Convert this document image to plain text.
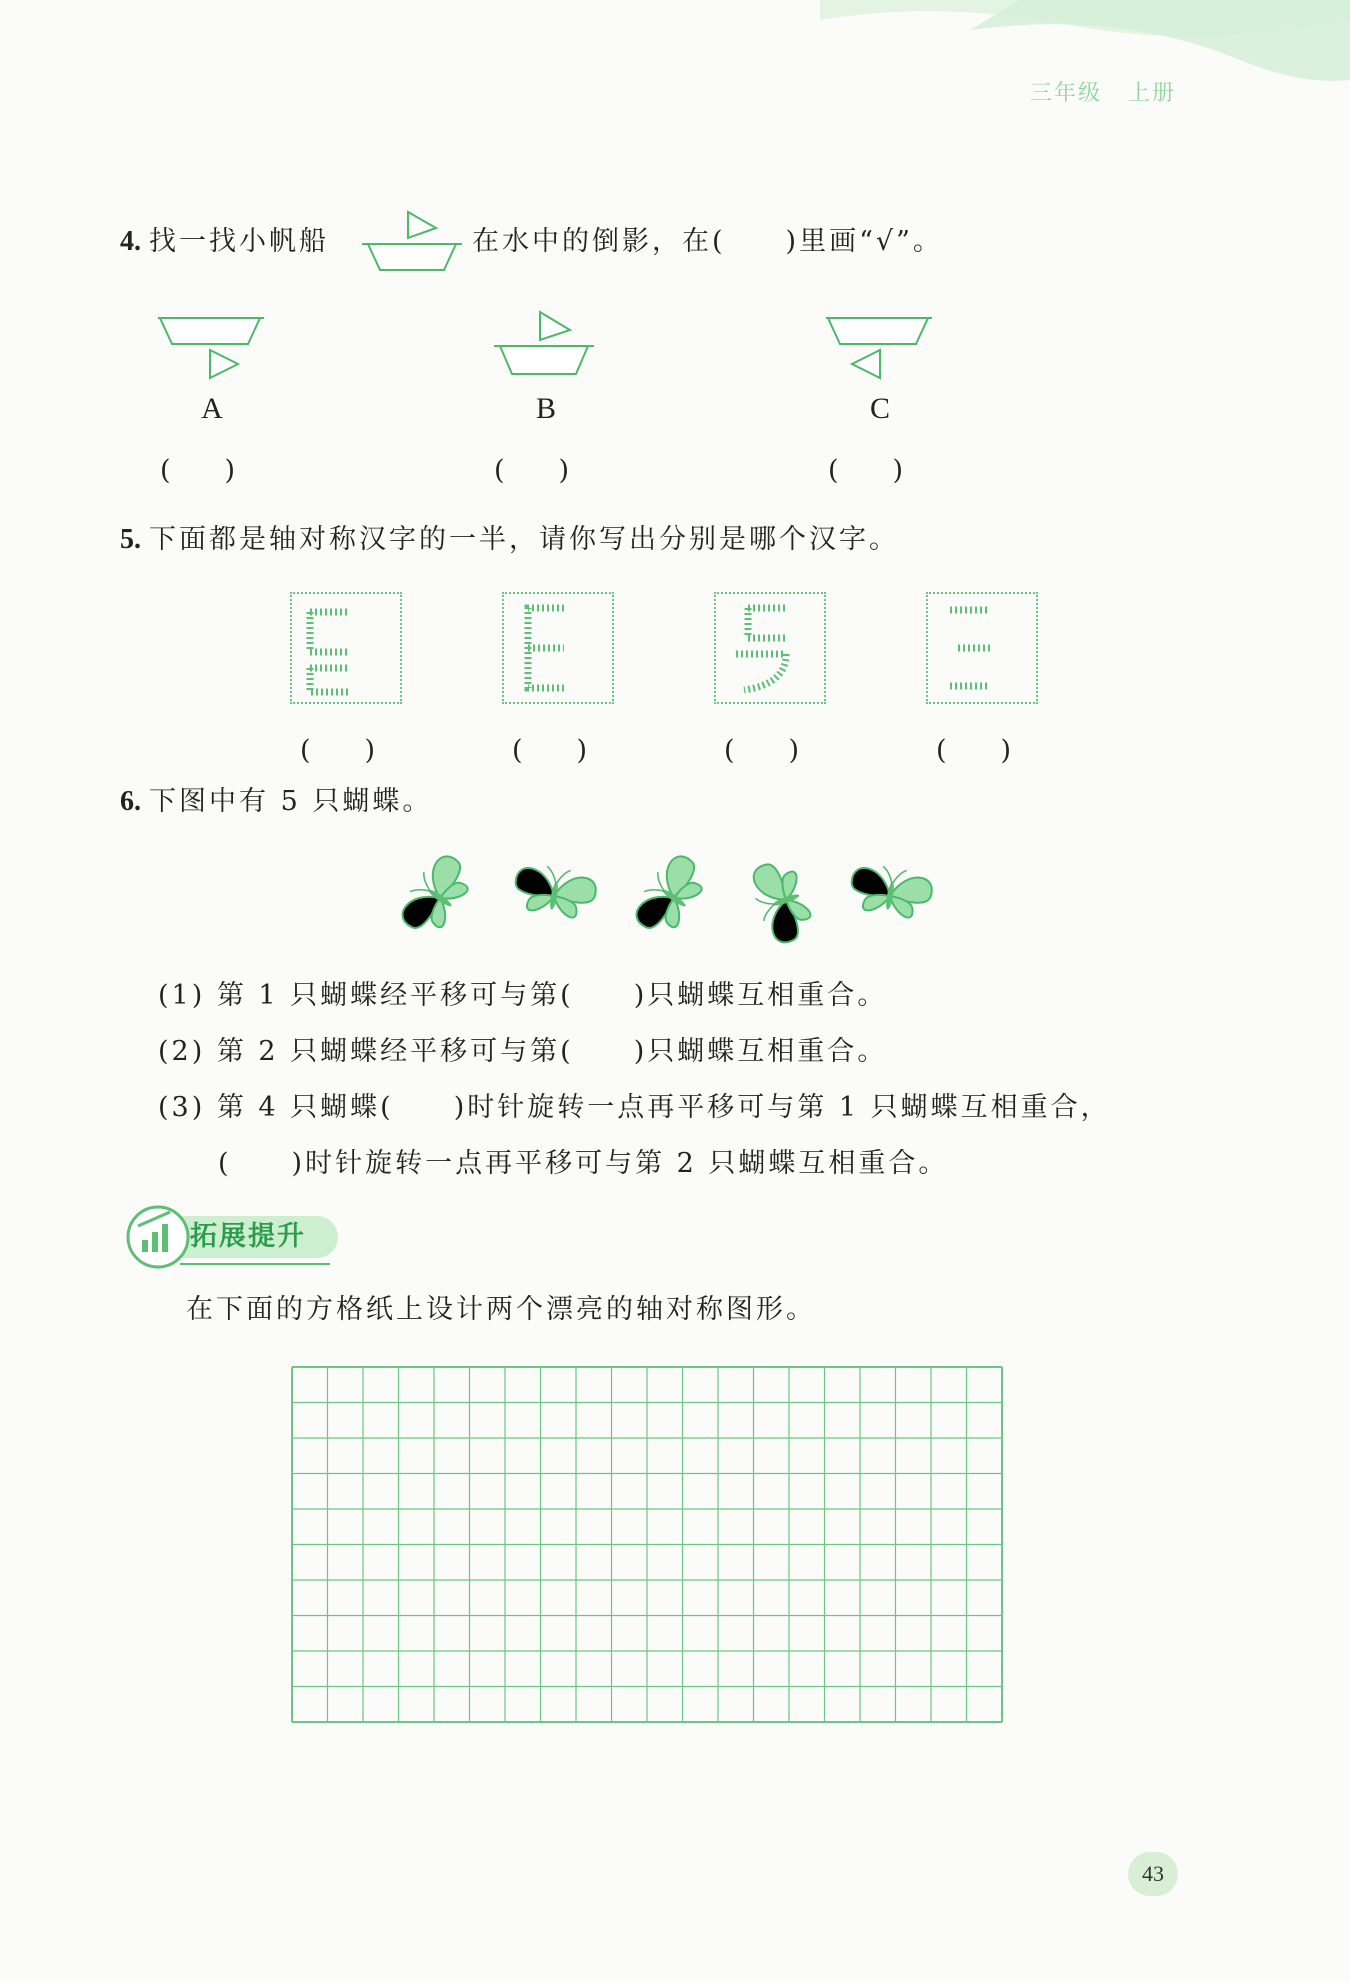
三年级 上册
4. 找一找小帆船	在水中的倒影，在(　　)里画“√”。
A	B	C
(　　)	(　　)	(　　)
5. 下面都是轴对称汉字的一半，请你写出分别是哪个汉字。
(　　)	(　　)	(　　)	(　　)
6. 下图中有 5 只蝴蝶。
(1) 第 1 只蝴蝶经平移可与第(　　)只蝴蝶互相重合。
(2) 第 2 只蝴蝶经平移可与第(　　)只蝴蝶互相重合。
(3) 第 4 只蝴蝶(　　)时针旋转一点再平移可与第 1 只蝴蝶互相重合，
(　　)时针旋转一点再平移可与第 2 只蝴蝶互相重合。
拓展提升
在下面的方格纸上设计两个漂亮的轴对称图形。
43
